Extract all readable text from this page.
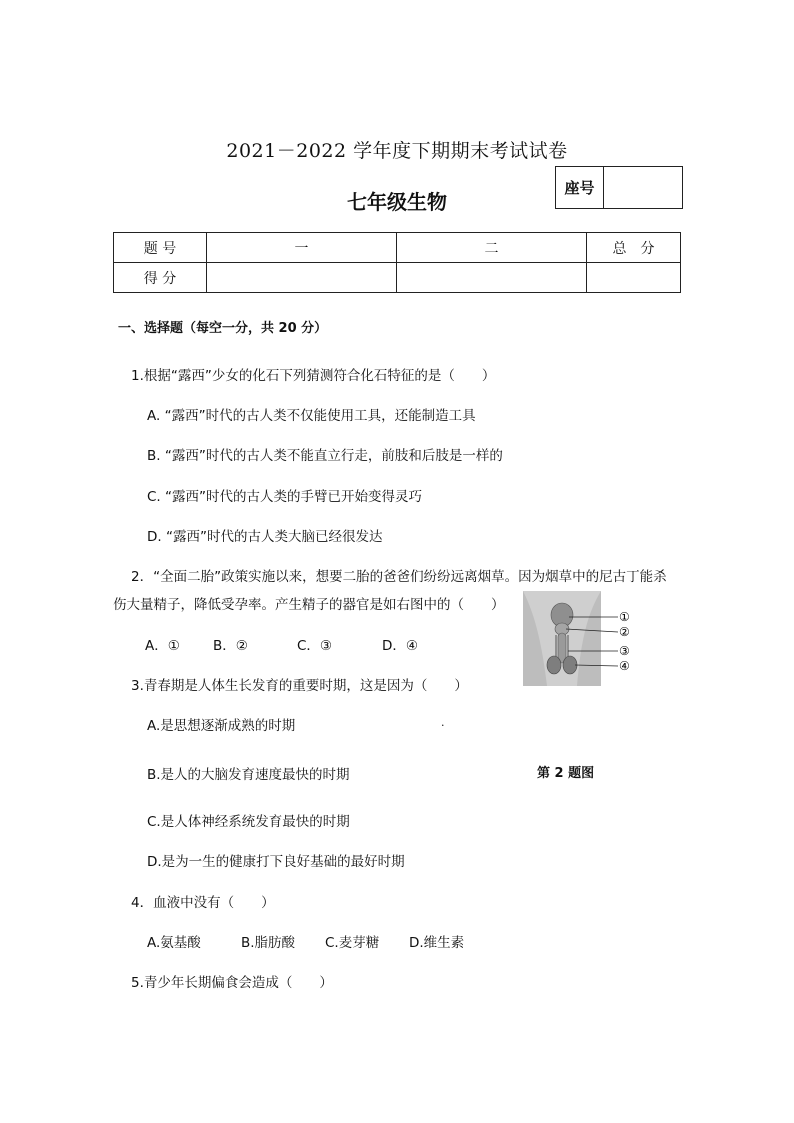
2021－2022 学年度下期期末考试试卷
七年级生物
座号
题 号	一	二	总　分
得 分			
一、选择题（每空一分，共 20 分）
1.根据“露西”少女的化石下列猜测符合化石特征的是（　　）
A. “露西”时代的古人类不仅能使用工具，还能制造工具
B. “露西”时代的古人类不能直立行走，前肢和后肢是一样的
C. “露西”时代的古人类的手臂已开始变得灵巧
D. “露西”时代的古人类大脑已经很发达
2．“全面二胎”政策实施以来，想要二胎的爸爸们纷纷远离烟草。因为烟草中的尼古丁能杀
伤大量精子，降低受孕率。产生精子的器官是如右图中的（　　）
A．① B．②	C．③	D．④
①
②
③
④
3.青春期是人体生长发育的重要时期，这是因为（　　）
A.是思想逐渐成熟的时期	.
B.是人的大脑发育速度最快的时期	第 2 题图
C.是人体神经系统发育最快的时期
D.是为一生的健康打下良好基础的最好时期
4．血液中没有（　　）
A.氨基酸	B.脂肪酸 C.麦芽糖 D.维生素
5.青少年长期偏食会造成（　　）
